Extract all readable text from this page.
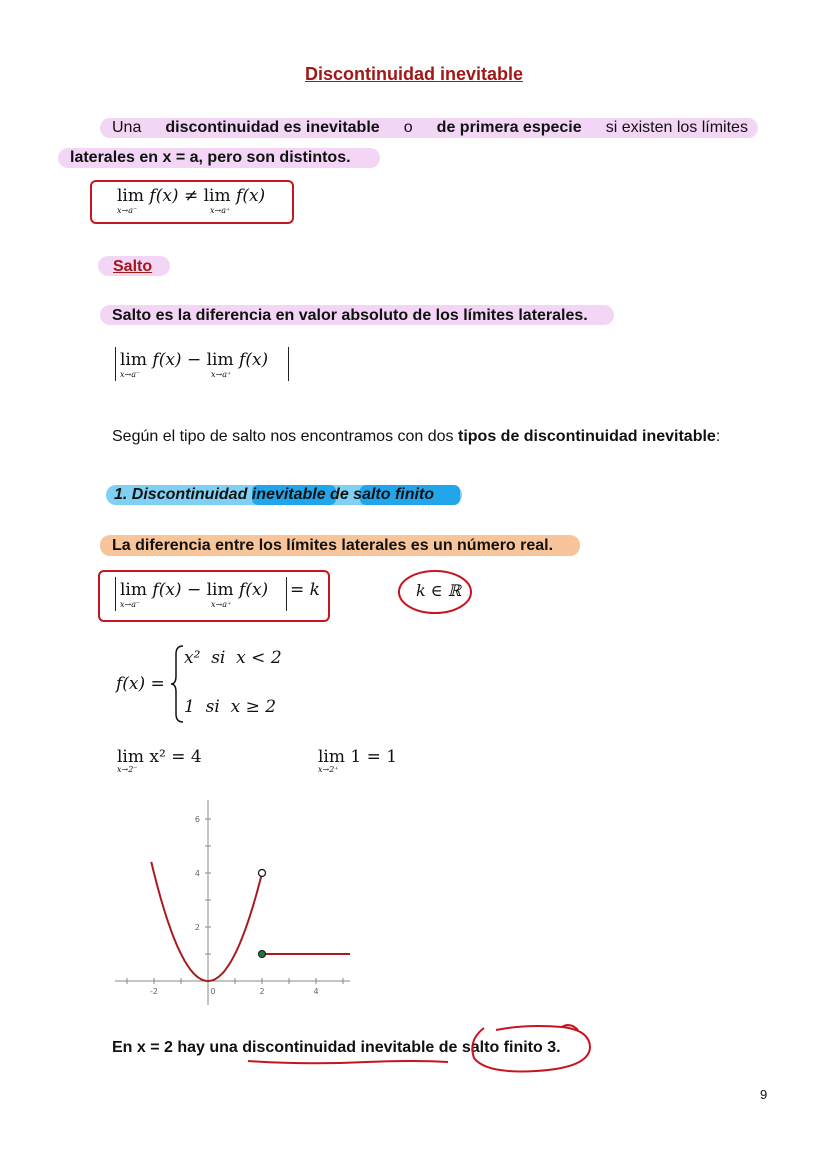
Discontinuidad inevitable
Una discontinuidad es inevitable o de primera especie si existen los límites
laterales en x = a, pero son distintos.
lim f(x) ≠ lim f(x)
x→a⁻	x→a⁺
Salto
Salto es la diferencia en valor absoluto de los límites laterales.
lim f(x) − lim f(x)
x→a⁻	x→a⁺
Según el tipo de salto nos encontramos con dos tipos de discontinuidad inevitable:
1. Discontinuidad inevitable de salto finito
La diferencia entre los límites laterales es un número real.
lim f(x) − lim f(x) = k
x→a⁻	x→a⁺
k ∈ ℝ
f(x) =
x²  si  x < 2
1  si  x ≥ 2
lim x² = 4
x→2⁻
lim 1 = 1
x→2⁺
-2	0	2	4
2
4
6
En x = 2 hay una discontinuidad inevitable de salto finito 3.
9
